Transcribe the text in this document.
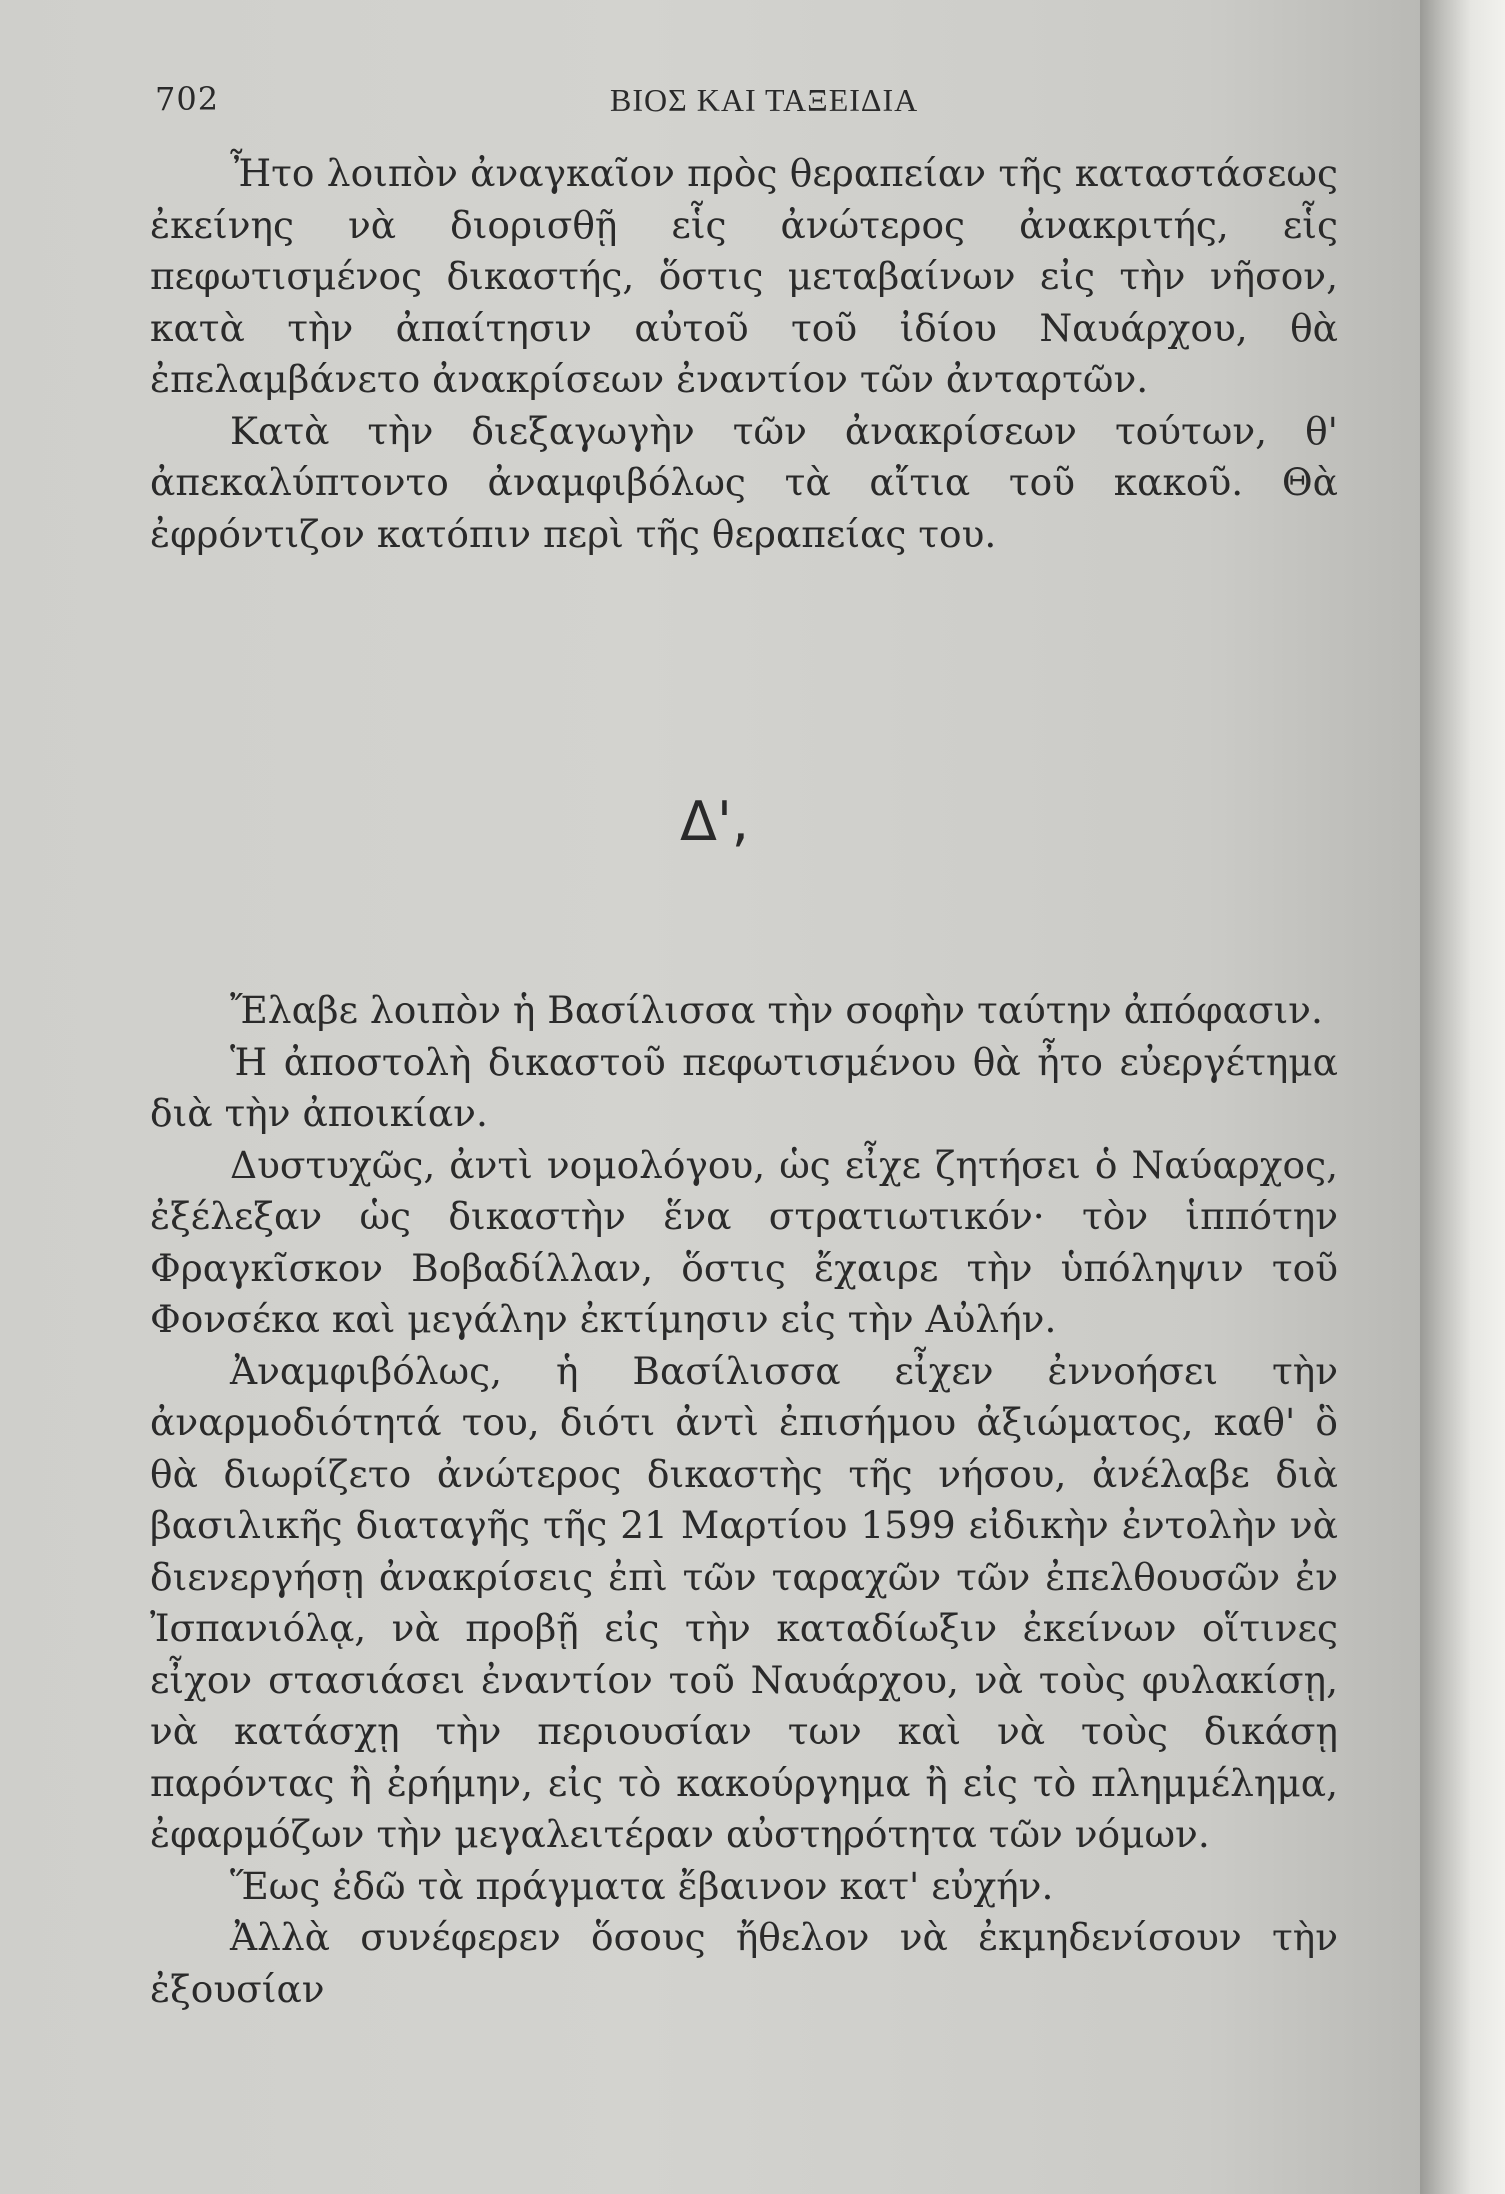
702	ΒΙΟΣ ΚΑΙ ΤΑΞΕΙΔΙΑ

Ἦτο λοιπὸν ἀναγκαῖον πρὸς θεραπείαν τῆς καταστάσεως ἐκείνης νὰ διορισθῇ εἷς ἀνώτερος ἀνακριτής, εἷς πεφωτισμένος δικαστής, ὅστις μεταβαίνων εἰς τὴν νῆσον, κατὰ τὴν ἀπαίτησιν αὐτοῦ τοῦ ἰδίου Ναυάρχου, θὰ ἐπελαμβάνετο ἀνακρίσεων ἐναντίον τῶν ἀνταρτῶν.

Κατὰ τὴν διεξαγωγὴν τῶν ἀνακρίσεων τούτων, θ' ἀπεκαλύπτοντο ἀναμφιβόλως τὰ αἴτια τοῦ κακοῦ. Θὰ ἐφρόντιζον κατόπιν περὶ τῆς θεραπείας του.

Δ',

Ἔλαβε λοιπὸν ἡ Βασίλισσα τὴν σοφὴν ταύτην ἀπόφασιν.

Ἡ ἀποστολὴ δικαστοῦ πεφωτισμένου θὰ ἦτο εὐεργέτημα διὰ τὴν ἀποικίαν.

Δυστυχῶς, ἀντὶ νομολόγου, ὡς εἶχε ζητήσει ὁ Ναύαρχος, ἐξέλεξαν ὡς δικαστὴν ἕνα στρατιωτικόν· τὸν ἱππότην Φραγκῖσκον Βοβαδίλλαν, ὅστις ἔχαιρε τὴν ὑπόληψιν τοῦ Φονσέκα καὶ μεγάλην ἐκτίμησιν εἰς τὴν Αὐλήν.

Ἀναμφιβόλως, ἡ Βασίλισσα εἶχεν ἐννοήσει τὴν ἀναρμοδιότητά του, διότι ἀντὶ ἐπισήμου ἀξιώματος, καθ' ὃ θὰ διωρίζετο ἀνώτερος δικαστὴς τῆς νήσου, ἀνέλαβε διὰ βασιλικῆς διαταγῆς τῆς 21 Μαρτίου 1599 εἰδικὴν ἐντολὴν νὰ διενεργήσῃ ἀνακρίσεις ἐπὶ τῶν ταραχῶν τῶν ἐπελθουσῶν ἐν Ἰσπανιόλᾳ, νὰ προβῇ εἰς τὴν καταδίωξιν ἐκείνων οἵτινες εἶχον στασιάσει ἐναντίον τοῦ Ναυάρχου, νὰ τοὺς φυλακίσῃ, νὰ κατάσχῃ τὴν περιουσίαν των καὶ νὰ τοὺς δικάσῃ παρόντας ἢ ἐρήμην, εἰς τὸ κακούργημα ἢ εἰς τὸ πλημμέλημα, ἐφαρμόζων τὴν μεγαλειτέραν αὐστηρότητα τῶν νόμων.

Ἕως ἐδῶ τὰ πράγματα ἔβαινον κατ' εὐχήν.

Ἀλλὰ συνέφερεν ὅσους ἤθελον νὰ ἐκμηδενίσουν τὴν ἐξουσίαν
